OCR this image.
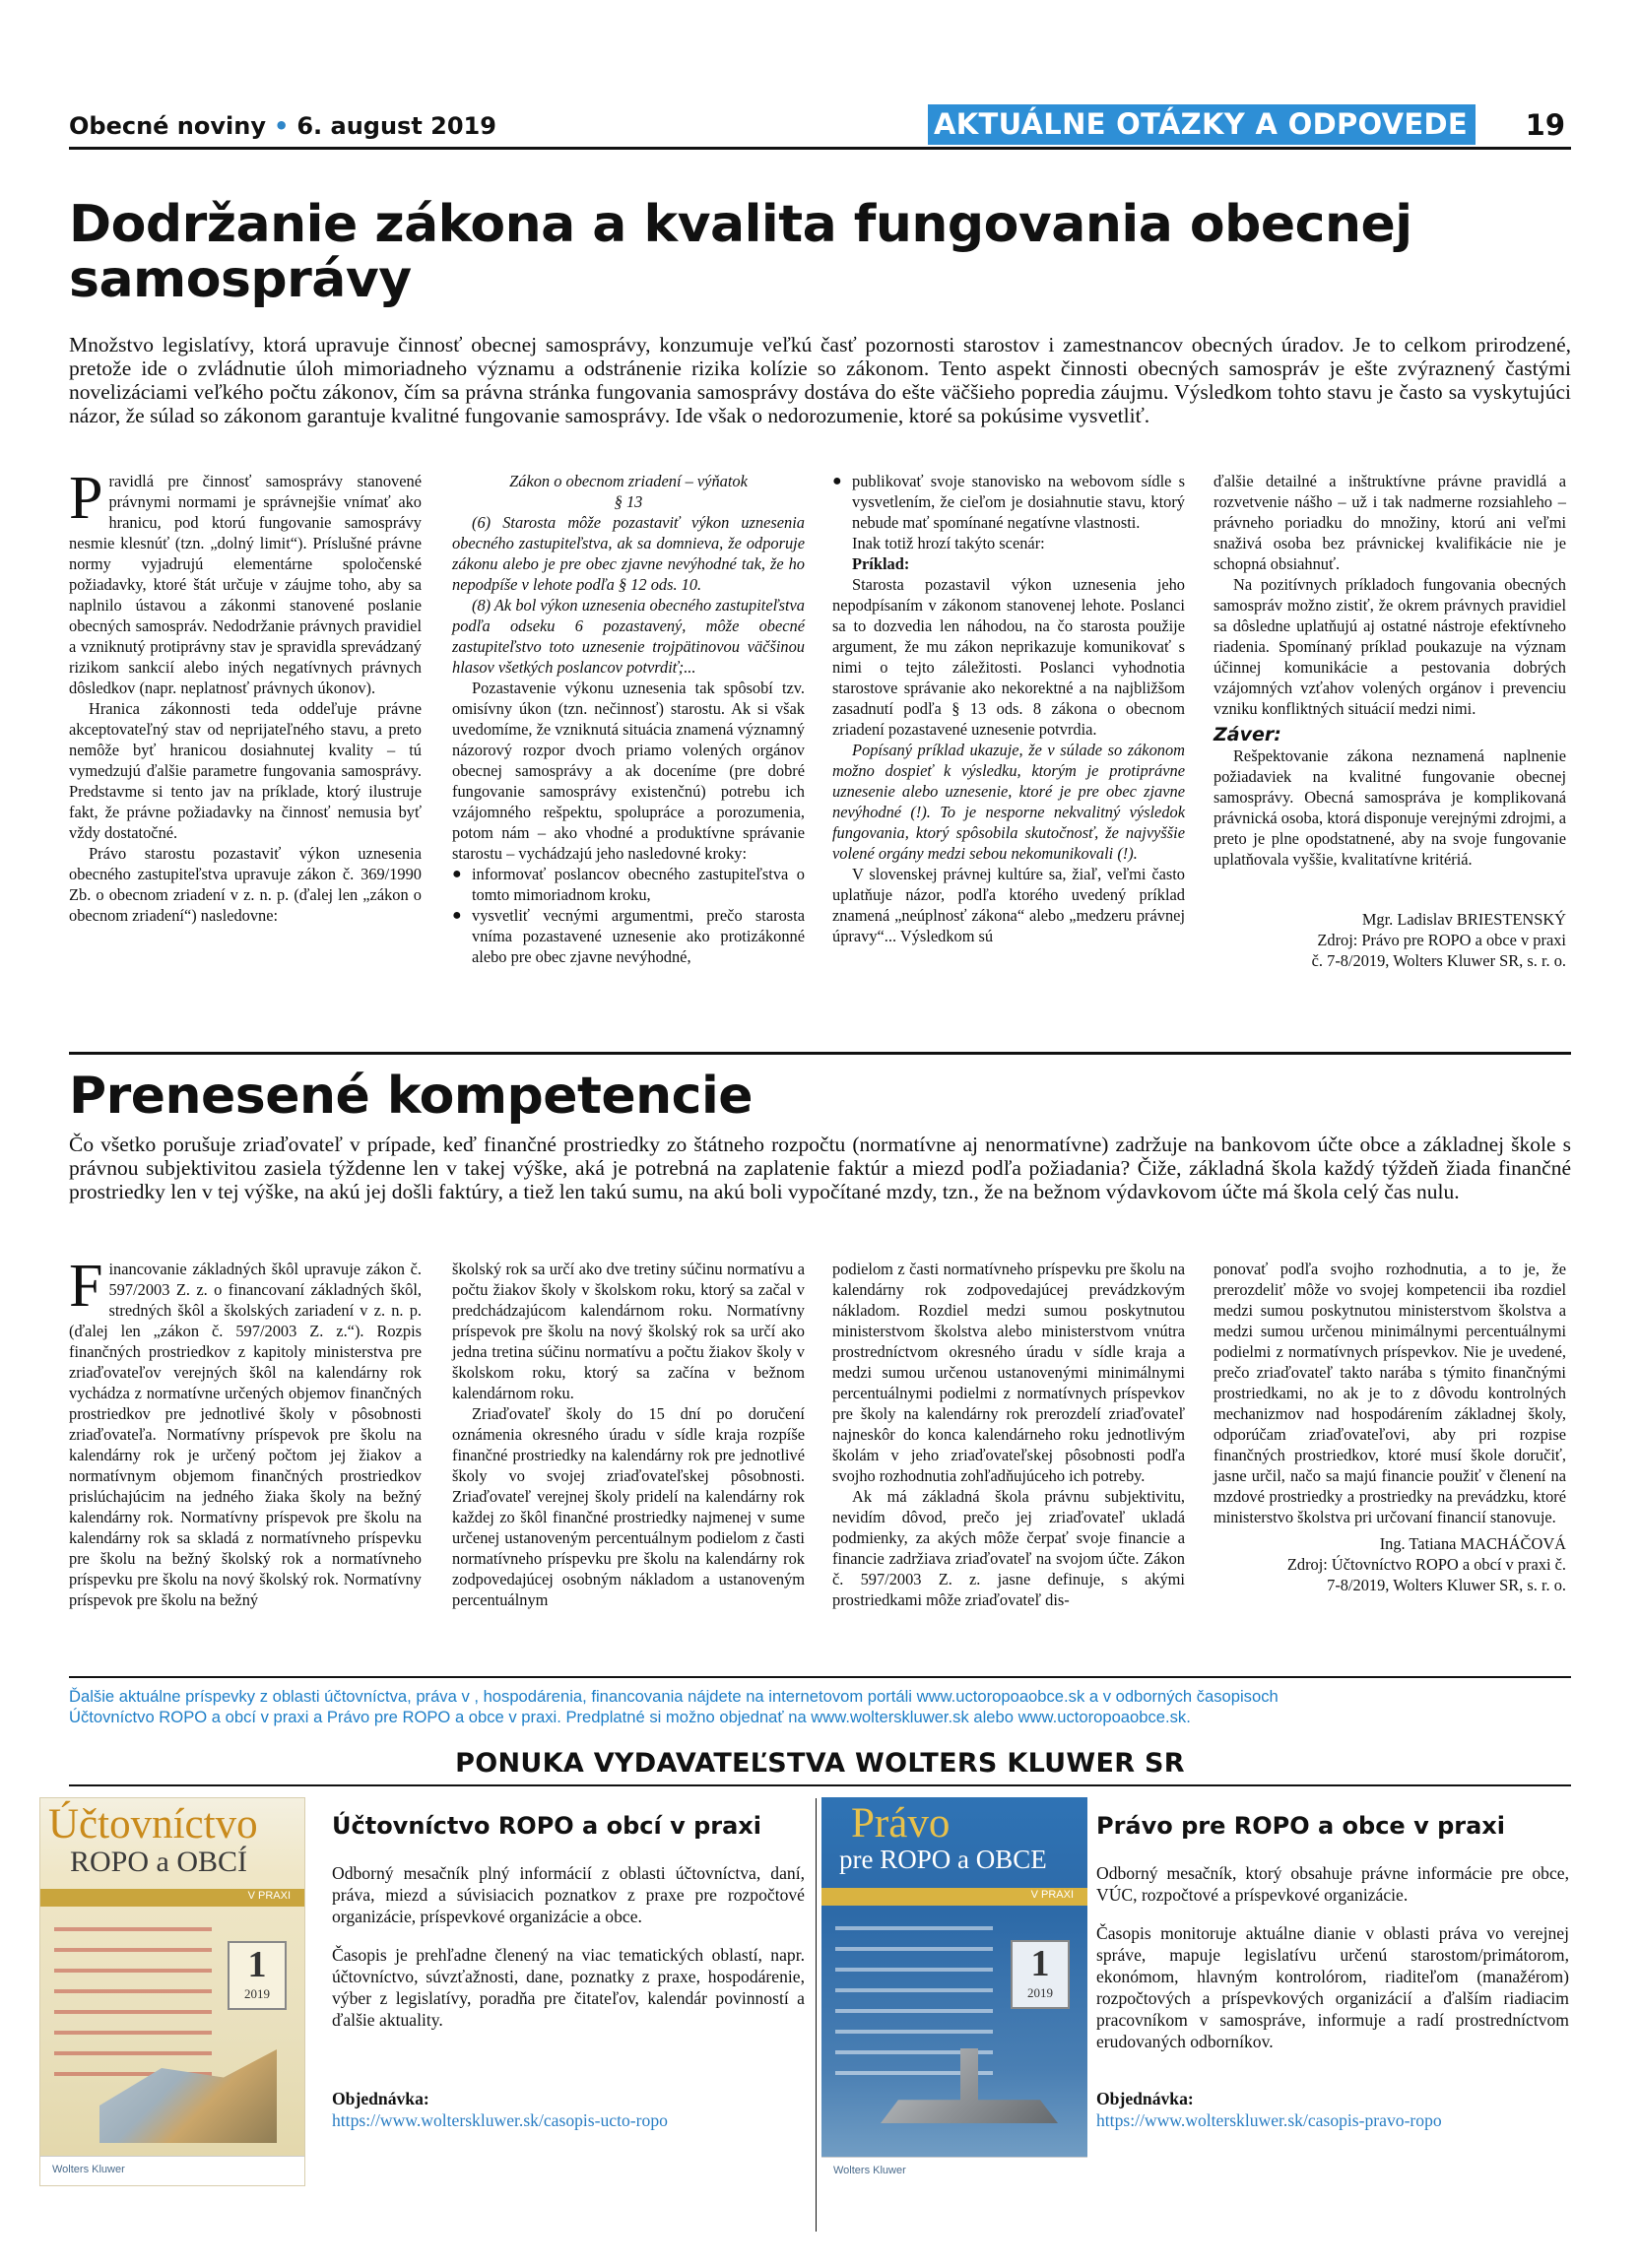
Obecné noviny • 6. august 2019	AKTUÁLNE OTÁZKY A ODPOVEDE 19
Dodržanie zákona a kvalita fungovania obecnej samosprávy

Množstvo legislatívy, ktorá upravuje činnosť obecnej samosprávy, konzumuje veľkú časť pozornosti starostov i zamestnancov obecných úradov. Je to celkom prirodzené, pretože ide o zvládnutie úloh mimoriadneho významu a odstránenie rizika kolízie so zákonom. Tento aspekt činnosti obecných samospráv je ešte zvýraznený častými novelizáciami veľkého počtu zákonov, čím sa právna stránka fungovania samosprávy dostáva do ešte väčšieho popredia záujmu. Výsledkom tohto stavu je často sa vyskytujúci názor, že súlad so zákonom garantuje kvalitné fungovanie samosprávy. Ide však o nedorozumenie, ktoré sa pokúsime vysvetliť.

Pravidlá pre činnosť samosprávy stanovené právnymi normami je správnejšie vnímať ako hranicu, pod ktorú fungovanie samosprávy nesmie klesnúť (tzn. „dolný limit“). Príslušné právne normy vyjadrujú elementárne spoločenské požiadavky, ktoré štát určuje v záujme toho, aby sa naplnilo ústavou a zákonmi stanovené poslanie obecných samospráv. Nedodržanie právnych pravidiel a vzniknutý protiprávny stav je spravidla sprevádzaný rizikom sankcií alebo iných negatívnych právnych dôsledkov (napr. neplatnosť právnych úkonov).

Hranica zákonnosti teda oddeľuje právne akceptovateľný stav od neprijateľného stavu, a preto nemôže byť hranicou dosiahnutej kvality – tú vymedzujú ďalšie parametre fungovania samosprávy. Predstavme si tento jav na príklade, ktorý ilustruje fakt, že právne požiadavky na činnosť nemusia byť vždy dostatočné.

Právo starostu pozastaviť výkon uznesenia obecného zastupiteľstva upravuje zákon č. 369/1990 Zb. o obecnom zriadení v z. n. p. (ďalej len „zákon o obecnom zriadení“) nasledovne:

Zákon o obecnom zriadení – výňatok

§ 13

(6) Starosta môže pozastaviť výkon uznesenia obecného zastupiteľstva, ak sa domnieva, že odporuje zákonu alebo je pre obec zjavne nevýhodné tak, že ho nepodpíše v lehote podľa § 12 ods. 10.

(8) Ak bol výkon uznesenia obecného zastupiteľstva podľa odseku 6 pozastavený, môže obecné zastupiteľstvo toto uznesenie trojpätinovou väčšinou hlasov všetkých poslancov potvrdiť;...

Pozastavenie výkonu uznesenia tak spôsobí tzv. omisívny úkon (tzn. nečinnosť) starostu. Ak si však uvedomíme, že vzniknutá situácia znamená významný názorový rozpor dvoch priamo volených orgánov obecnej samosprávy a ak doceníme (pre dobré fungovanie samosprávy existenčnú) potrebu ich vzájomného rešpektu, spolupráce a porozumenia, potom nám – ako vhodné a produktívne správanie starostu – vychádzajú jeho nasledovné kroky:

● informovať poslancov obecného zastupiteľstva o tomto mimoriadnom kroku,
● vysvetliť vecnými argumentmi, prečo starosta vníma pozastavené uznesenie ako protizákonné alebo pre obec zjavne nevýhodné,
● publikovať svoje stanovisko na webovom sídle s vysvetlením, že cieľom je dosiahnutie stavu, ktorý nebude mať spomínané negatívne vlastnosti.

Inak totiž hrozí takýto scenár:

Príklad:

Starosta pozastavil výkon uznesenia jeho nepodpísaním v zákonom stanovenej lehote. Poslanci sa to dozvedia len náhodou, na čo starosta použije argument, že mu zákon neprikazuje komunikovať s nimi o tejto záležitosti. Poslanci vyhodnotia starostove správanie ako nekorektné a na najbližšom zasadnutí podľa § 13 ods. 8 zákona o obecnom zriadení pozastavené uznesenie potvrdia.

Popísaný príklad ukazuje, že v súlade so zákonom možno dospieť k výsledku, ktorým je protiprávne uznesenie alebo uznesenie, ktoré je pre obec zjavne nevýhodné (!). To je nesporne nekvalitný výsledok fungovania, ktorý spôsobila skutočnosť, že najvyššie volené orgány medzi sebou nekomunikovali (!).

V slovenskej právnej kultúre sa, žiaľ, veľmi často uplatňuje názor, podľa ktorého uvedený príklad znamená „neúplnosť zákona“ alebo „medzeru právnej úpravy“... Výsledkom sú

ďalšie detailné a inštruktívne právne pravidlá a rozvetvenie nášho – už i tak nadmerne rozsiahleho – právneho poriadku do množiny, ktorú ani veľmi snaživá osoba bez právnickej kvalifikácie nie je schopná obsiahnuť.

Na pozitívnych príkladoch fungovania obecných samospráv možno zistiť, že okrem právnych pravidiel sa dôsledne uplatňujú aj ostatné nástroje efektívneho riadenia. Spomínaný príklad poukazuje na význam účinnej komunikácie a pestovania dobrých vzájomných vzťahov volených orgánov i prevenciu vzniku konfliktných situácií medzi nimi.

Záver:

Rešpektovanie zákona neznamená naplnenie požiadaviek na kvalitné fungovanie obecnej samosprávy. Obecná samospráva je komplikovaná právnická osoba, ktorá disponuje verejnými zdrojmi, a preto je plne opodstatnené, aby na svoje fungovanie uplatňovala vyššie, kvalitatívne kritériá.

Mgr. Ladislav BRIESTENSKÝ

Zdroj: Právo pre ROPO a obce v praxi

č. 7-8/2019, Wolters Kluwer SR, s. r. o.

Prenesené kompetencie

Čo všetko porušuje zriaďovateľ v prípade, keď finančné prostriedky zo štátneho rozpočtu (normatívne aj nenormatívne) zadržuje na bankovom účte obce a základnej škole s právnou subjektivitou zasiela týždenne len v takej výške, aká je potrebná na zaplatenie faktúr a miezd podľa požiadania? Čiže, základná škola každý týždeň žiada finančné prostriedky len v tej výške, na akú jej došli faktúry, a tiež len takú sumu, na akú boli vypočítané mzdy, tzn., že na bežnom výdavkovom účte má škola celý čas nulu.

Financovanie základných škôl upravuje zákon č. 597/2003 Z. z. o financovaní základných škôl, stredných škôl a školských zariadení v z. n. p. (ďalej len „zákon č. 597/2003 Z. z.“). Rozpis finančných prostriedkov z kapitoly ministerstva pre zriaďovateľov verejných škôl na kalendárny rok vychádza z normatívne určených objemov finančných prostriedkov pre jednotlivé školy v pôsobnosti zriaďovateľa. Normatívny príspevok pre školu na kalendárny rok je určený počtom jej žiakov a normatívnym objemom finančných prostriedkov prislúchajúcim na jedného žiaka školy na bežný kalendárny rok. Normatívny príspevok pre školu na kalendárny rok sa skladá z normatívneho príspevku pre školu na bežný školský rok a normatívneho príspevku pre školu na nový školský rok. Normatívny príspevok pre školu na bežný

školský rok sa určí ako dve tretiny súčinu normatívu a počtu žiakov školy v školskom roku, ktorý sa začal v predchádzajúcom kalendárnom roku. Normatívny príspevok pre školu na nový školský rok sa určí ako jedna tretina súčinu normatívu a počtu žiakov školy v školskom roku, ktorý sa začína v bežnom kalendárnom roku.

Zriaďovateľ školy do 15 dní po doručení oznámenia okresného úradu v sídle kraja rozpíše finančné prostriedky na kalendárny rok pre jednotlivé školy vo svojej zriaďovateľskej pôsobnosti. Zriaďovateľ verejnej školy pridelí na kalendárny rok každej zo škôl finančné prostriedky najmenej v sume určenej ustanoveným percentuálnym podielom z časti normatívneho príspevku pre školu na kalendárny rok zodpovedajúcej osobným nákladom a ustanoveným percentuálnym

podielom z časti normatívneho príspevku pre školu na kalendárny rok zodpovedajúcej prevádzkovým nákladom. Rozdiel medzi sumou poskytnutou ministerstvom školstva alebo ministerstvom vnútra prostredníctvom okresného úradu v sídle kraja a medzi sumou určenou ustanovenými minimálnymi percentuálnymi podielmi z normatívnych príspevkov pre školy na kalendárny rok prerozdelí zriaďovateľ najneskôr do konca kalendárneho roku jednotlivým školám v jeho zriaďovateľskej pôsobnosti podľa svojho rozhodnutia zohľadňujúceho ich potreby.

Ak má základná škola právnu subjektivitu, nevidím dôvod, prečo jej zriaďovateľ ukladá podmienky, za akých môže čerpať svoje financie a financie zadržiava zriaďovateľ na svojom účte. Zákon č. 597/2003 Z. z. jasne definuje, s akými prostriedkami môže zriaďovateľ dis-

ponovať podľa svojho rozhodnutia, a to je, že prerozdeliť môže vo svojej kompetencii iba rozdiel medzi sumou poskytnutou ministerstvom školstva a medzi sumou určenou minimálnymi percentuálnymi podielmi z normatívnych príspevkov. Nie je uvedené, prečo zriaďovateľ takto narába s týmito finančnými prostriedkami, no ak je to z dôvodu kontrolných mechanizmov nad hospodárením základnej školy, odporúčam zriaďovateľovi, aby pri rozpise finančných prostriedkov, ktoré musí škole doručiť, jasne určil, načo sa majú financie použiť v členení na mzdové prostriedky a prostriedky na prevádzku, ktoré ministerstvo školstva pri určovaní financií stanovuje.

Ing. Tatiana MACHÁČOVÁ

Zdroj: Účtovníctvo ROPO a obcí v praxi č.

7-8/2019, Wolters Kluwer SR, s. r. o.

Ďalšie aktuálne príspevky z oblasti účtovníctva, práva v , hospodárenia, financovania nájdete na internetovom portáli www.uctoropoaobce.sk a v odborných časopisoch
Účtovníctvo ROPO a obcí v praxi a Právo pre ROPO a obce v praxi. Predplatné si možno objednať na www.wolterskluwer.sk alebo www.uctoropoaobce.sk.
PONUKA VYDAVATEĽSTVA WOLTERS KLUWER SR
Účtovníctvo
ROPO a OBCÍ
V PRAXI
1
2019
Wolters Kluwer
Účtovníctvo ROPO a obcí v praxi

Odborný mesačník plný informácií z oblasti účtovníctva, daní, práva, miezd a súvisiacich poznatkov z praxe pre rozpočtové organizácie, príspevkové organizácie a obce.

Časopis je prehľadne členený na viac tematických oblastí, napr. účtovníctvo, súvzťažnosti, dane, poznatky z praxe, hospodárenie, výber z legislatívy, poradňa pre čitateľov, kalendár povinností a ďalšie aktuality.

Objednávka:
https://www.wolterskluwer.sk/casopis-ucto-ropo
Právo
pre ROPO a OBCE
V PRAXI
1
2019
Wolters Kluwer
Právo pre ROPO a obce v praxi

Odborný mesačník, ktorý obsahuje právne informácie pre obce, VÚC, rozpočtové a príspevkové organizácie.

Časopis monitoruje aktuálne dianie v oblasti práva vo verejnej správe, mapuje legislatívu určenú starostom/primátorom, ekonómom, hlavným kontrolórom, riaditeľom (manažérom) rozpočtových a príspevkových organizácií a ďalším riadiacim pracovníkom v samospráve, informuje a radí prostredníctvom erudovaných odborníkov.

Objednávka:
https://www.wolterskluwer.sk/casopis-pravo-ropo
